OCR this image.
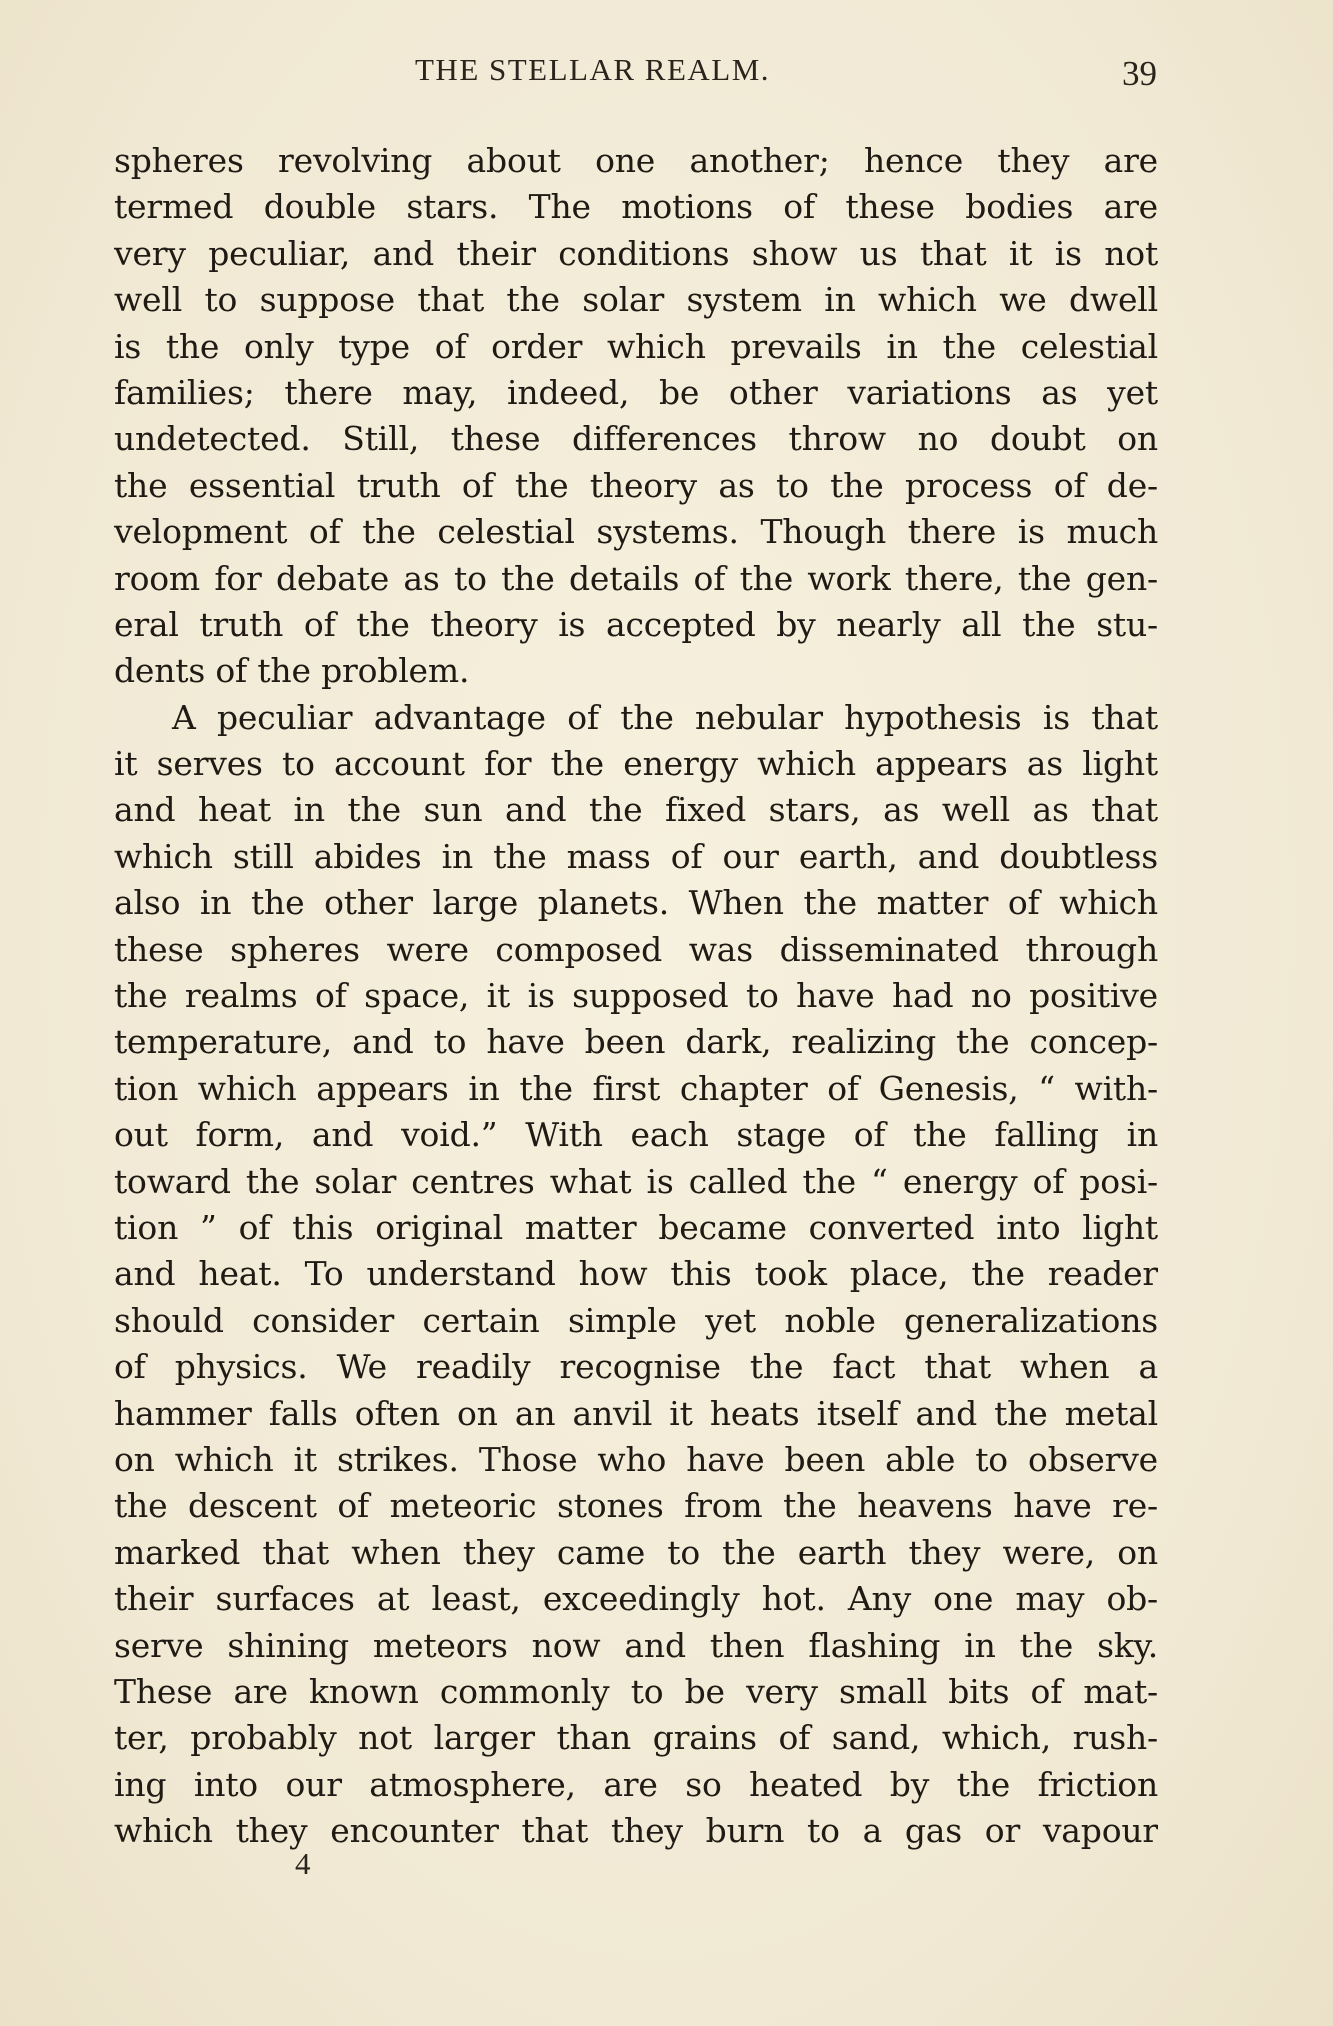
THE STELLAR REALM.	39
spheres revolving about one another; hence they are
termed double stars. The motions of these bodies are
very peculiar, and their conditions show us that it is not
well to suppose that the solar system in which we dwell
is the only type of order which prevails in the celestial
families; there may, indeed, be other variations as yet
undetected. Still, these differences throw no doubt on
the essential truth of the theory as to the process of de-
velopment of the celestial systems. Though there is much
room for debate as to the details of the work there, the gen-
eral truth of the theory is accepted by nearly all the stu-
dents of the problem.
A peculiar advantage of the nebular hypothesis is that
it serves to account for the energy which appears as light
and heat in the sun and the fixed stars, as well as that
which still abides in the mass of our earth, and doubtless
also in the other large planets. When the matter of which
these spheres were composed was disseminated through
the realms of space, it is supposed to have had no positive
temperature, and to have been dark, realizing the concep-
tion which appears in the first chapter of Genesis, “ with-
out form, and void.” With each stage of the falling in
toward the solar centres what is called the “ energy of posi-
tion ” of this original matter became converted into light
and heat. To understand how this took place, the reader
should consider certain simple yet noble generalizations
of physics. We readily recognise the fact that when a
hammer falls often on an anvil it heats itself and the metal
on which it strikes. Those who have been able to observe
the descent of meteoric stones from the heavens have re-
marked that when they came to the earth they were, on
their surfaces at least, exceedingly hot. Any one may ob-
serve shining meteors now and then flashing in the sky.
These are known commonly to be very small bits of mat-
ter, probably not larger than grains of sand, which, rush-
ing into our atmosphere, are so heated by the friction
which they encounter that they burn to a gas or vapour
4
